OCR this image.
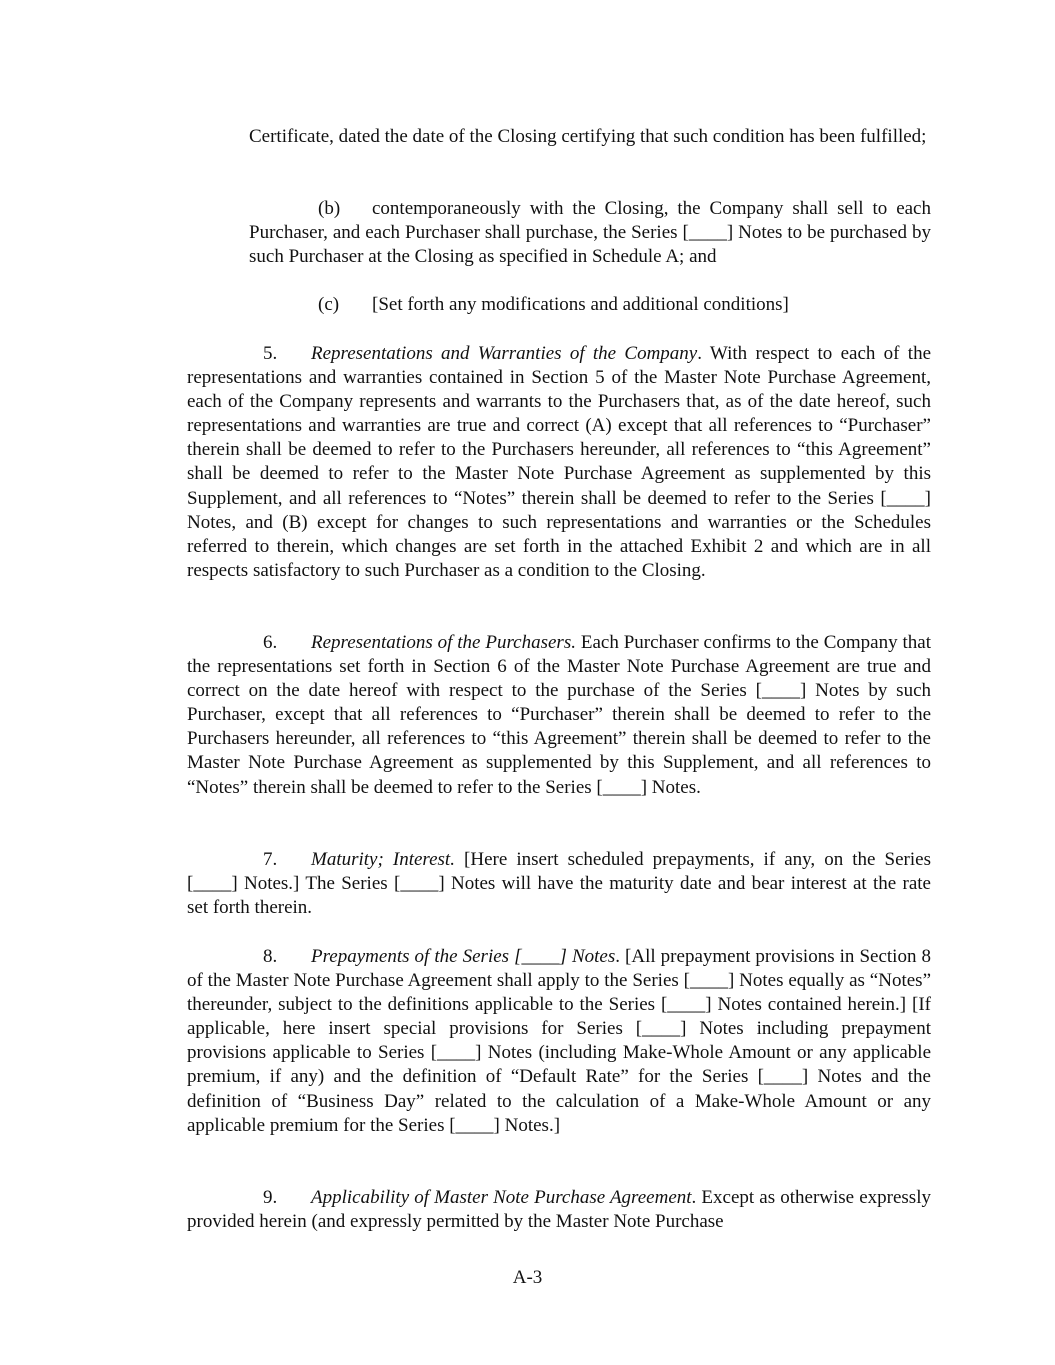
Certificate, dated the date of the Closing certifying that such condition has been fulfilled;

(b) contemporaneously with the Closing, the Company shall sell to each Purchaser, and each Purchaser shall purchase, the Series [____] Notes to be purchased by such Purchaser at the Closing as specified in Schedule A; and

(c) [Set forth any modifications and additional conditions]

5. Representations and Warranties of the Company. With respect to each of the representations and warranties contained in Section 5 of the Master Note Purchase Agreement, each of the Company represents and warrants to the Purchasers that, as of the date hereof, such representations and warranties are true and correct (A) except that all references to “Purchaser” therein shall be deemed to refer to the Purchasers hereunder, all references to “this Agreement” shall be deemed to refer to the Master Note Purchase Agreement as supplemented by this Supplement, and all references to “Notes” therein shall be deemed to refer to the Series [____] Notes, and (B) except for changes to such representations and warranties or the Schedules referred to therein, which changes are set forth in the attached Exhibit 2 and which are in all respects satisfactory to such Purchaser as a condition to the Closing.

6. Representations of the Purchasers. Each Purchaser confirms to the Company that the representations set forth in Section 6 of the Master Note Purchase Agreement are true and correct on the date hereof with respect to the purchase of the Series [____] Notes by such Purchaser, except that all references to “Purchaser” therein shall be deemed to refer to the Purchasers hereunder, all references to “this Agreement” therein shall be deemed to refer to the Master Note Purchase Agreement as supplemented by this Supplement, and all references to “Notes” therein shall be deemed to refer to the Series [____] Notes.

7. Maturity; Interest. [Here insert scheduled prepayments, if any, on the Series [____] Notes.] The Series [____] Notes will have the maturity date and bear interest at the rate set forth therein.

8. Prepayments of the Series [____] Notes. [All prepayment provisions in Section 8 of the Master Note Purchase Agreement shall apply to the Series [____] Notes equally as “Notes” thereunder, subject to the definitions applicable to the Series [____] Notes contained herein.] [If applicable, here insert special provisions for Series [____] Notes including prepayment provisions applicable to Series [____] Notes (including Make-Whole Amount or any applicable premium, if any) and the definition of “Default Rate” for the Series [____] Notes and the definition of “Business Day” related to the calculation of a Make-Whole Amount or any applicable premium for the Series [____] Notes.]

9. Applicability of Master Note Purchase Agreement. Except as otherwise expressly provided herein (and expressly permitted by the Master Note Purchase

A-3
